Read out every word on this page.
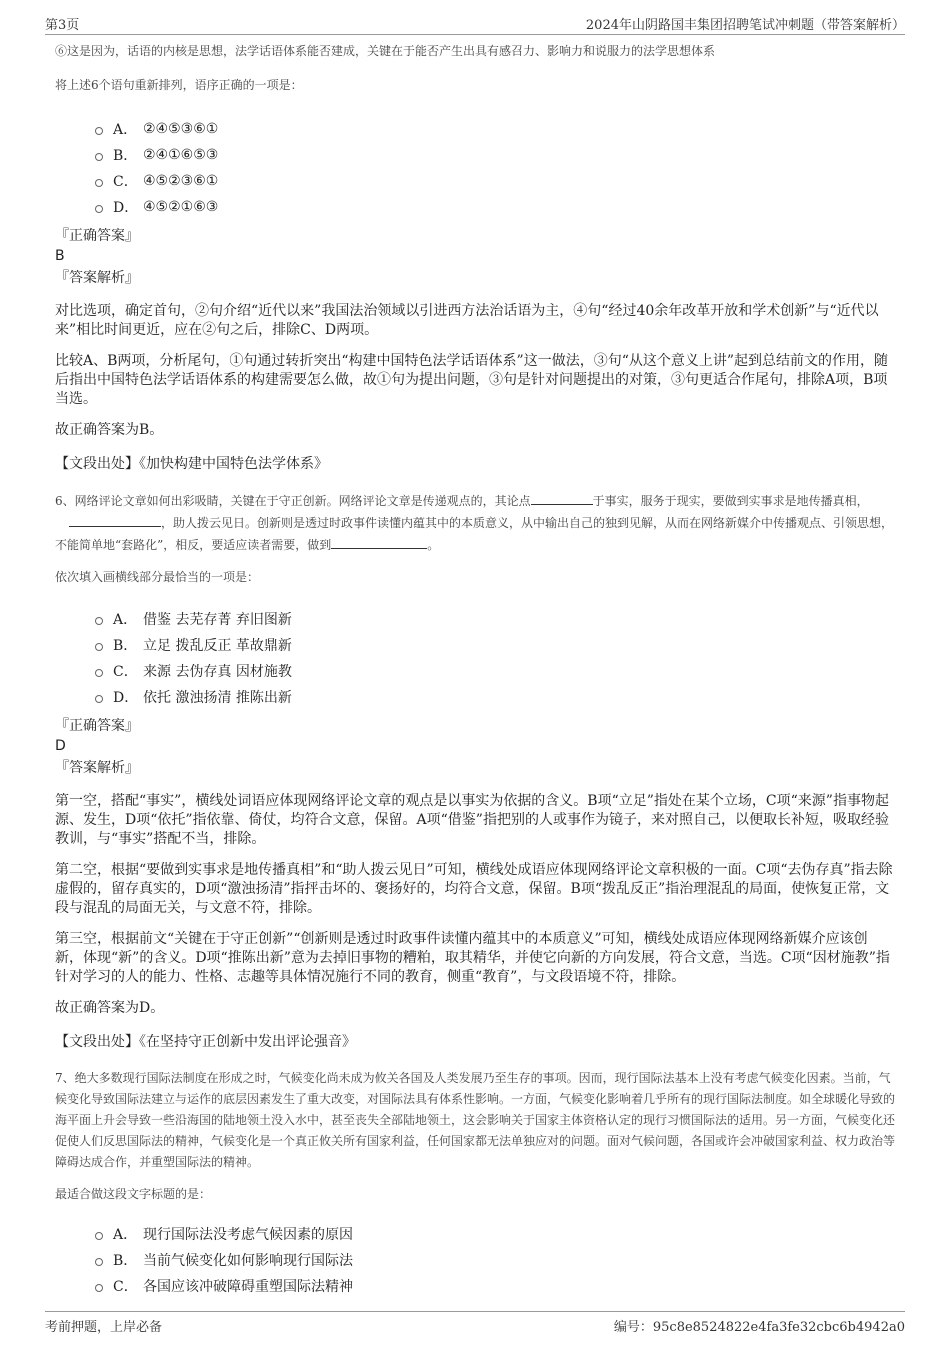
第3页	2024年山阴路国丰集团招聘笔试冲刺题（带答案解析）

⑥这是因为，话语的内核是思想，法学话语体系能否建成，关键在于能否产生出具有感召力、影响力和说服力的法学思想体系

将上述6个语句重新排列，语序正确的一项是：

A． ②④⑤③⑥①
B． ②④①⑥⑤③
C． ④⑤②③⑥①
D． ④⑤②①⑥③

『正确答案』

B

『答案解析』

对比选项，确定首句，②句介绍“近代以来”我国法治领域以引进西方法治话语为主，④句“经过40余年改革开放和学术创新”与“近代以来”相比时间更近，应在②句之后，排除C、D两项。

比较A、B两项，分析尾句，①句通过转折突出“构建中国特色法学话语体系”这一做法，③句“从这个意义上讲”起到总结前文的作用，随后指出中国特色法学话语体系的构建需要怎么做，故①句为提出问题，③句是针对问题提出的对策，③句更适合作尾句，排除A项，B项当选。

故正确答案为B。

【文段出处】《加快构建中国特色法学体系》

6、网络评论文章如何出彩吸睛，关键在于守正创新。网络评论文章是传递观点的，其论点	于事实，服务于现实，要做到实事求是地传播真相，，助人拨云见日。创新则是透过时政事件读懂内蕴其中的本质意义，从中输出自己的独到见解，从而在网络新媒介中传播观点、引领思想，不能简单地“套路化”，相反，要适应读者需要，做到	。

依次填入画横线部分最恰当的一项是：

A． 借鉴 去芜存菁 弃旧图新
B． 立足 拨乱反正 革故鼎新
C． 来源 去伪存真 因材施教
D． 依托 激浊扬清 推陈出新

『正确答案』

D

『答案解析』

第一空，搭配“事实”，横线处词语应体现网络评论文章的观点是以事实为依据的含义。B项“立足”指处在某个立场，C项“来源”指事物起源、发生，D项“依托”指依靠、倚仗，均符合文意，保留。A项“借鉴”指把别的人或事作为镜子，来对照自己，以便取长补短，吸取经验教训，与“事实”搭配不当，排除。

第二空，根据“要做到实事求是地传播真相”和“助人拨云见日”可知，横线处成语应体现网络评论文章积极的一面。C项“去伪存真”指去除虚假的，留存真实的，D项“激浊扬清”指抨击坏的、褒扬好的，均符合文意，保留。B项“拨乱反正”指治理混乱的局面，使恢复正常，文段与混乱的局面无关，与文意不符，排除。

第三空，根据前文“关键在于守正创新”“创新则是透过时政事件读懂内蕴其中的本质意义”可知，横线处成语应体现网络新媒介应该创新，体现“新”的含义。D项“推陈出新”意为去掉旧事物的糟粕，取其精华，并使它向新的方向发展，符合文意，当选。C项“因材施教”指针对学习的人的能力、性格、志趣等具体情况施行不同的教育，侧重“教育”，与文段语境不符，排除。

故正确答案为D。

【文段出处】《在坚持守正创新中发出评论强音》

7、绝大多数现行国际法制度在形成之时，气候变化尚未成为攸关各国及人类发展乃至生存的事项。因而，现行国际法基本上没有考虑气候变化因素。当前，气候变化导致国际法建立与运作的底层因素发生了重大改变，对国际法具有体系性影响。一方面，气候变化影响着几乎所有的现行国际法制度。如全球暖化导致的海平面上升会导致一些沿海国的陆地领土没入水中，甚至丧失全部陆地领土，这会影响关于国家主体资格认定的现行习惯国际法的适用。另一方面，气候变化还促使人们反思国际法的精神，气候变化是一个真正攸关所有国家利益，任何国家都无法单独应对的问题。面对气候问题，各国或许会冲破国家利益、权力政治等障碍达成合作，并重塑国际法的精神。

最适合做这段文字标题的是：

A． 现行国际法没考虑气候因素的原因
B． 当前气候变化如何影响现行国际法
C． 各国应该冲破障碍重塑国际法精神
考前押题，上岸必备	编号：95c8e8524822e4fa3fe32cbc6b4942a0
